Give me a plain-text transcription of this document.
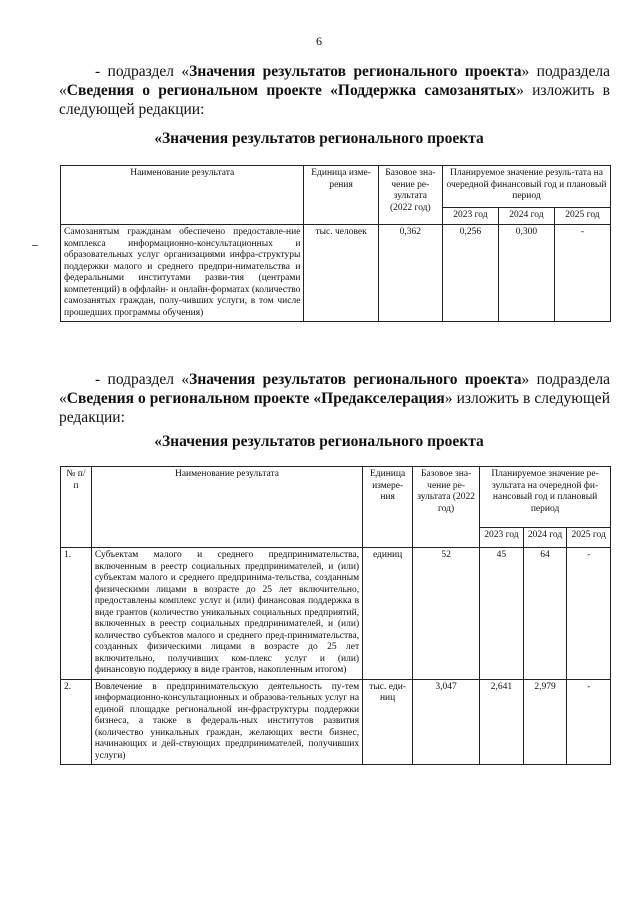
6
- подраздел «Значения результатов регионального проекта» подраздела «Сведения о региональном проекте «Поддержка самозанятых» изложить в следующей редакции:
«Значения результатов регионального проекта
Наименование результата	Единица изме-рения	Базовое зна-чение ре-зультата (2022 год)	Планируемое значение резуль-тата на очередной финансовый год и плановый период		
			2023 год	2024 год	2025 год
Самозанятым гражданам обеспечено предоставле-ние комплекса информационно-консультационных и образовательных услуг организациями инфра-структуры поддержки малого и среднего предпри-нимательства и федеральными институтами разви-тия (центрами компетенций) в оффлайн- и онлайн-форматах (количество самозанятых граждан, полу-чивших услуги, в том числе прошедших программы обучения)	тыс. человек	0,362	0,256	0,300	-
- подраздел «Значения результатов регионального проекта» подраздела «Сведения о региональном проекте «Предакселерация» изложить в следующей редакции:
«Значения результатов регионального проекта
№ п/п	Наименование результата	Единица измере-ния	Базовое зна-чение ре-зультата (2022 год)	Планируемое значение ре-зультата на очередной фи-нансовый год и плановый период		
				2023 год	2024 год	2025 год
1.	Субъектам малого и среднего предпринимательства, включенным в реестр социальных предпринимателей, и (или) субъектам малого и среднего предпринима-тельства, созданным физическими лицами в возрасте до 25 лет включительно, предоставлены комплекс услуг и (или) финансовая поддержка в виде грантов (количество уникальных социальных предприятий, включенных в реестр социальных предпринимателей, и (или) количество субъектов малого и среднего пред-принимательства, созданных физическими лицами в возрасте до 25 лет включительно, получивших ком-плекс услуг и (или) финансовую поддержку в виде грантов, накопленным итогом)	единиц	52	45	64	-
2.	Вовлечение в предпринимательскую деятельность пу-тем информационно-консультационных и образова-тельных услуг на единой площадке региональной ин-фраструктуры поддержки бизнеса, а также в федераль-ных институтов развития (количество уникальных граждан, желающих вести бизнес, начинающих и дей-ствующих предпринимателей, получивших услуги)	тыс. еди-ниц	3,047	2,641	2,979	-
